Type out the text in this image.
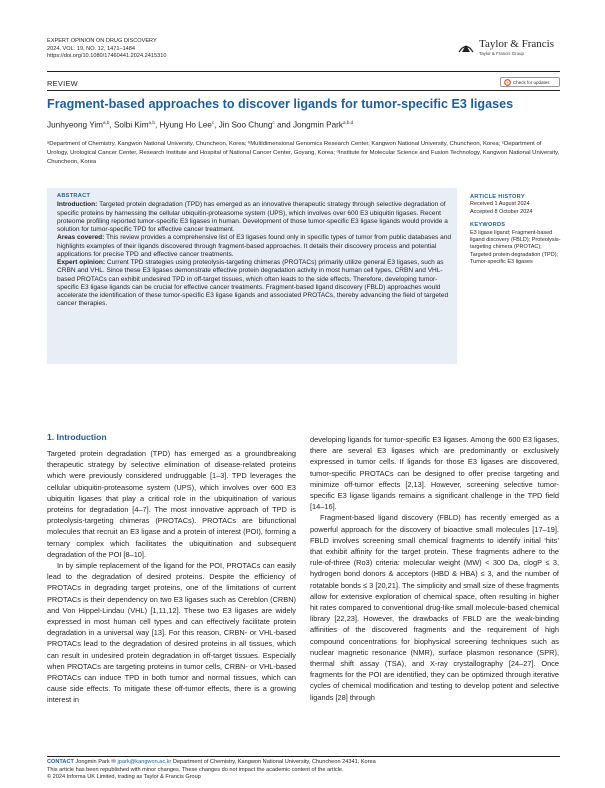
EXPERT OPINION ON DRUG DISCOVERY
2024, VOL. 19, NO. 12, 1471–1484
https://doi.org/10.1080/17460441.2024.2415310
Taylor & Francis
Taylor & Francis Group
REVIEW	Check for updates
Fragment-based approaches to discover ligands for tumor-specific E3 ligases
Junhyeong Yim$^{a,b}$, Solbi Kim$^{a,b}$, Hyung Ho Lee$^c$, Jin Soo Chung$^c$ and Jongmin Park$^{a,b,d}$
ᵃDepartment of Chemistry, Kangwon National University, Chuncheon, Korea; ᵇMultidimensional Genomics Research Center, Kangwon National University, Chuncheon, Korea; ᶜDepartment of Urology, Urological Cancer Center, Research Institute and Hospital of National Cancer Center, Goyang, Korea; ᵈInstitute for Molecular Science and Fusion Technology, Kangwon National University, Chuncheon, Korea
ABSTRACT

Introduction: Targeted protein degradation (TPD) has emerged as an innovative therapeutic strategy through selective degradation of specific proteins by harnessing the cellular ubiquitin-proteasome system (UPS), which involves over 600 E3 ubiquitin ligases. Recent proteome profiling reported tumor-specific E3 ligases in human. Development of those tumor-specific E3 ligase ligands would provide a solution for tumor-specific TPD for effective cancer treatment.

Areas covered: This review provides a comprehensive list of E3 ligases found only in specific types of tumor from public databases and highlights examples of their ligands discovered through fragment-based approaches. It details their discovery process and potential applications for precise TPD and effective cancer treatments.

Expert opinion: Current TPD strategies using proteolysis-targeting chimeras (PROTACs) primarily utilize general E3 ligases, such as CRBN and VHL. Since these E3 ligases demonstrate effective protein degradation activity in most human cell types, CRBN and VHL-based PROTACs can exhibit undesired TPD in off-target tissues, which often leads to the side effects. Therefore, developing tumor-specific E3 ligase ligands can be crucial for effective cancer treatments. Fragment-based ligand discovery (FBLD) approaches would accelerate the identification of these tumor-specific E3 ligase ligands and associated PROTACs, thereby advancing the field of targeted cancer therapies.

ARTICLE HISTORY
Received 1 August 2024
Accepted 8 October 2024
KEYWORDS
E3 ligase ligand; Fragment-based ligand discovery (FBLD); Proteolysis-targeting chimera (PROTAC); Targeted protein degradation (TPD); Tumor-specific E3 ligases
1. Introduction

Targeted protein degradation (TPD) has emerged as a groundbreaking therapeutic strategy by selective elimination of disease-related proteins which were previously considered undruggable [1–3]. TPD leverages the cellular ubiquitin-proteasome system (UPS), which involves over 600 E3 ubiquitin ligases that play a critical role in the ubiquitination of various proteins for degradation [4–7]. The most innovative approach of TPD is proteolysis-targeting chimeras (PROTACs). PROTACs are bifunctional molecules that recruit an E3 ligase and a protein of interest (POI), forming a ternary complex which facilitates the ubiquitination and subsequent degradation of the POI [8–10].

In by simple replacement of the ligand for the POI, PROTACs can easily lead to the degradation of desired proteins. Despite the efficiency of PROTACs in degrading target proteins, one of the limitations of current PROTACs is their dependency on two E3 ligases such as Cereblon (CRBN) and Von Hippel-Lindau (VHL) [1,11,12]. These two E3 ligases are widely expressed in most human cell types and can effectively facilitate protein degradation in a universal way [13]. For this reason, CRBN- or VHL-based PROTACs lead to the degradation of desired proteins in all tissues, which can result in undesired protein degradation in off-target tissues. Especially when PROTACs are targeting proteins in tumor cells, CRBN- or VHL-based PROTACs can induce TPD in both tumor and normal tissues, which can cause side effects. To mitigate these off-tumor effects, there is a growing interest in

developing ligands for tumor-specific E3 ligases. Among the 600 E3 ligases, there are several E3 ligases which are predominantly or exclusively expressed in tumor cells. If ligands for those E3 ligases are discovered, tumor-specific PROTACs can be designed to offer precise targeting and minimize off-tumor effects [2,13]. However, screening selective tumor-specific E3 ligase ligands remains a significant challenge in the TPD field [14–16].

Fragment-based ligand discovery (FBLD) has recently emerged as a powerful approach for the discovery of bioactive small molecules [17–19]. FBLD involves screening small chemical fragments to identify initial ‘hits’ that exhibit affinity for the target protein. These fragments adhere to the rule-of-three (Ro3) criteria: molecular weight (MW) < 300 Da, clogP ≤ 3, hydrogen bond donors & acceptors (HBD & HBA) ≤ 3, and the number of rotatable bonds ≤ 3 [20,21]. The simplicity and small size of these fragments allow for extensive exploration of chemical space, often resulting in higher hit rates compared to conventional drug-like small molecule-based chemical library [22,23]. However, the drawbacks of FBLD are the weak-binding affinities of the discovered fragments and the requirement of high compound concentrations for biophysical screening techniques such as nuclear magnetic resonance (NMR), surface plasmon resonance (SPR), thermal shift assay (TSA), and X-ray crystallography [24–27]. Once fragments for the POI are identified, they can be optimized through iterative cycles of chemical modification and testing to develop potent and selective ligands [28] through

CONTACT Jongmin Park ✉ jpark@kangwon.ac.kr Department of Chemistry, Kangwon National University, Chuncheon 24341, Korea
This article has been republished with minor changes. These changes do not impact the academic content of the article.
© 2024 Informa UK Limited, trading as Taylor & Francis Group
